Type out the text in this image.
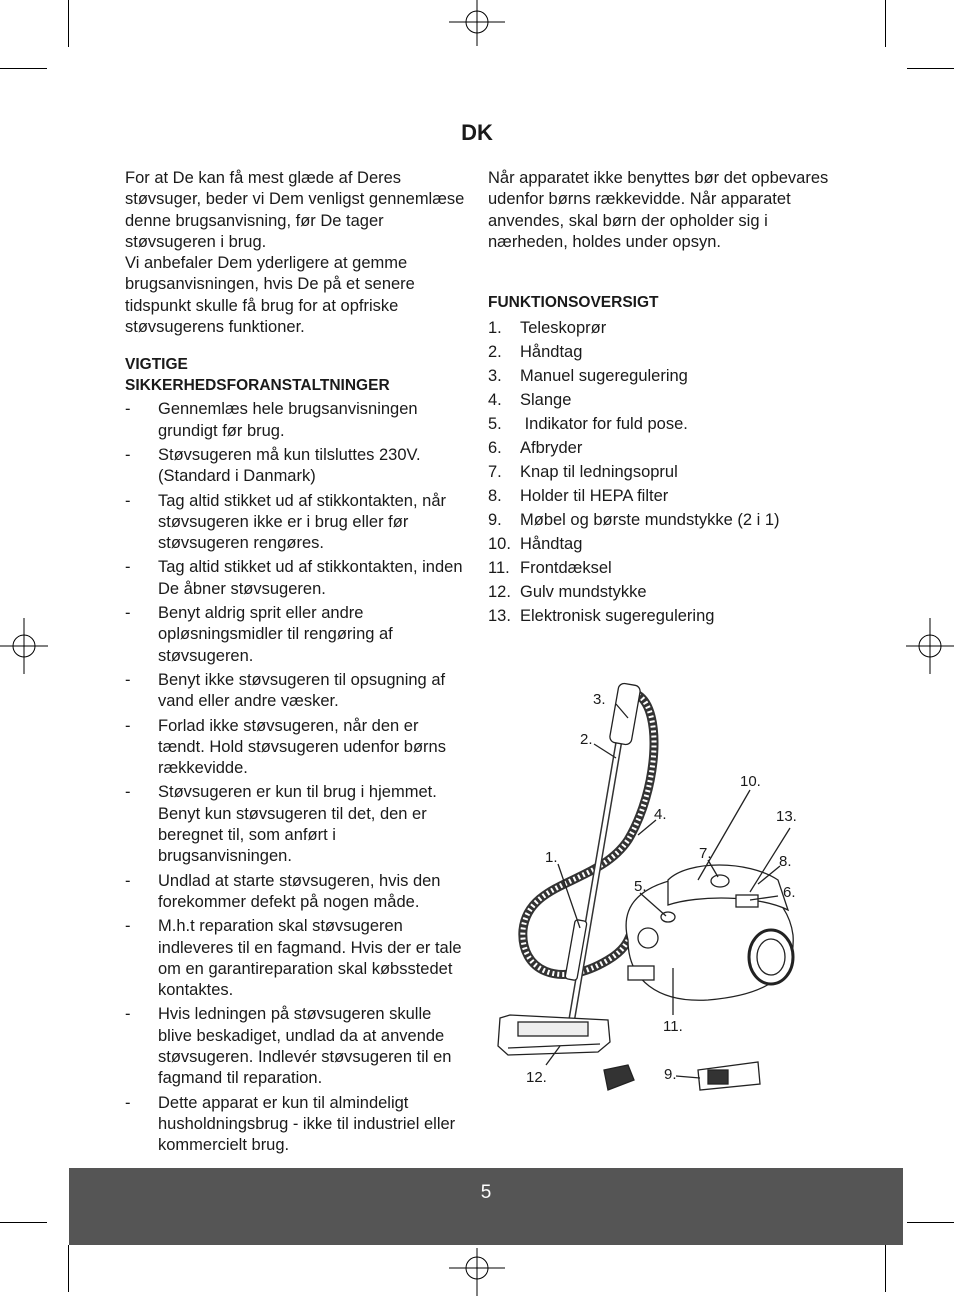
DK

For at De kan få mest glæde af Deres støvsuger, beder vi Dem venligst gennemlæse denne brugsanvisning, før De tager støvsugeren i brug.

Vi anbefaler Dem yderligere at gemme brugsanvisningen, hvis De på et senere tidspunkt skulle få brug for at opfriske støvsugerens funktioner.

VIGTIGE
SIKKERHEDSFORANSTALTNINGER
- Gennemlæs hele brugsanvisningen grundigt før brug.
- Støvsugeren må kun tilsluttes 230V. (Standard i Danmark)
- Tag altid stikket ud af stikkontakten, når støvsugeren ikke er i brug eller før støvsugeren rengøres.
- Tag altid stikket ud af stikkontakten, inden De åbner støvsugeren.
- Benyt aldrig sprit eller andre opløsningsmidler til rengøring af støvsugeren.
- Benyt ikke støvsugeren til opsugning af vand eller andre væsker.
- Forlad ikke støvsugeren, når den er tændt. Hold støvsugeren udenfor børns rækkevidde.
- Støvsugeren er kun til brug i hjemmet. Benyt kun støvsugeren til det, den er beregnet til, som anført i brugsanvisningen.
- Undlad at starte støvsugeren, hvis den forekommer defekt på nogen måde.
- M.h.t reparation skal støvsugeren indleveres til en fagmand. Hvis der er tale om en garantireparation skal købsstedet kontaktes.
- Hvis ledningen på støvsugeren skulle blive beskadiget, undlad da at anvende støvsugeren. Indlevér støvsugeren til en fagmand til reparation.
- Dette apparat er kun til almindeligt husholdningsbrug - ikke til industriel eller kommercielt brug.

Når apparatet ikke benyttes bør det opbevares udenfor børns rækkevidde. Når apparatet anvendes, skal børn der opholder sig i nærheden, holdes under opsyn.

FUNKTIONSOVERSIGT
1. Teleskoprør
2. Håndtag
3. Manuel sugeregulering
4. Slange
5. Indikator for fuld pose.
6. Afbryder
7. Knap til ledningsoprul
8. Holder til HEPA filter
9. Møbel og børste mundstykke (2 i 1)
10. Håndtag
11. Frontdæksel
12. Gulv mundstykke
13. Elektronisk sugeregulering
3.
2.
10.
4.	13.
7.
1.	8.
5.	6.
11.
9.
12.
5
